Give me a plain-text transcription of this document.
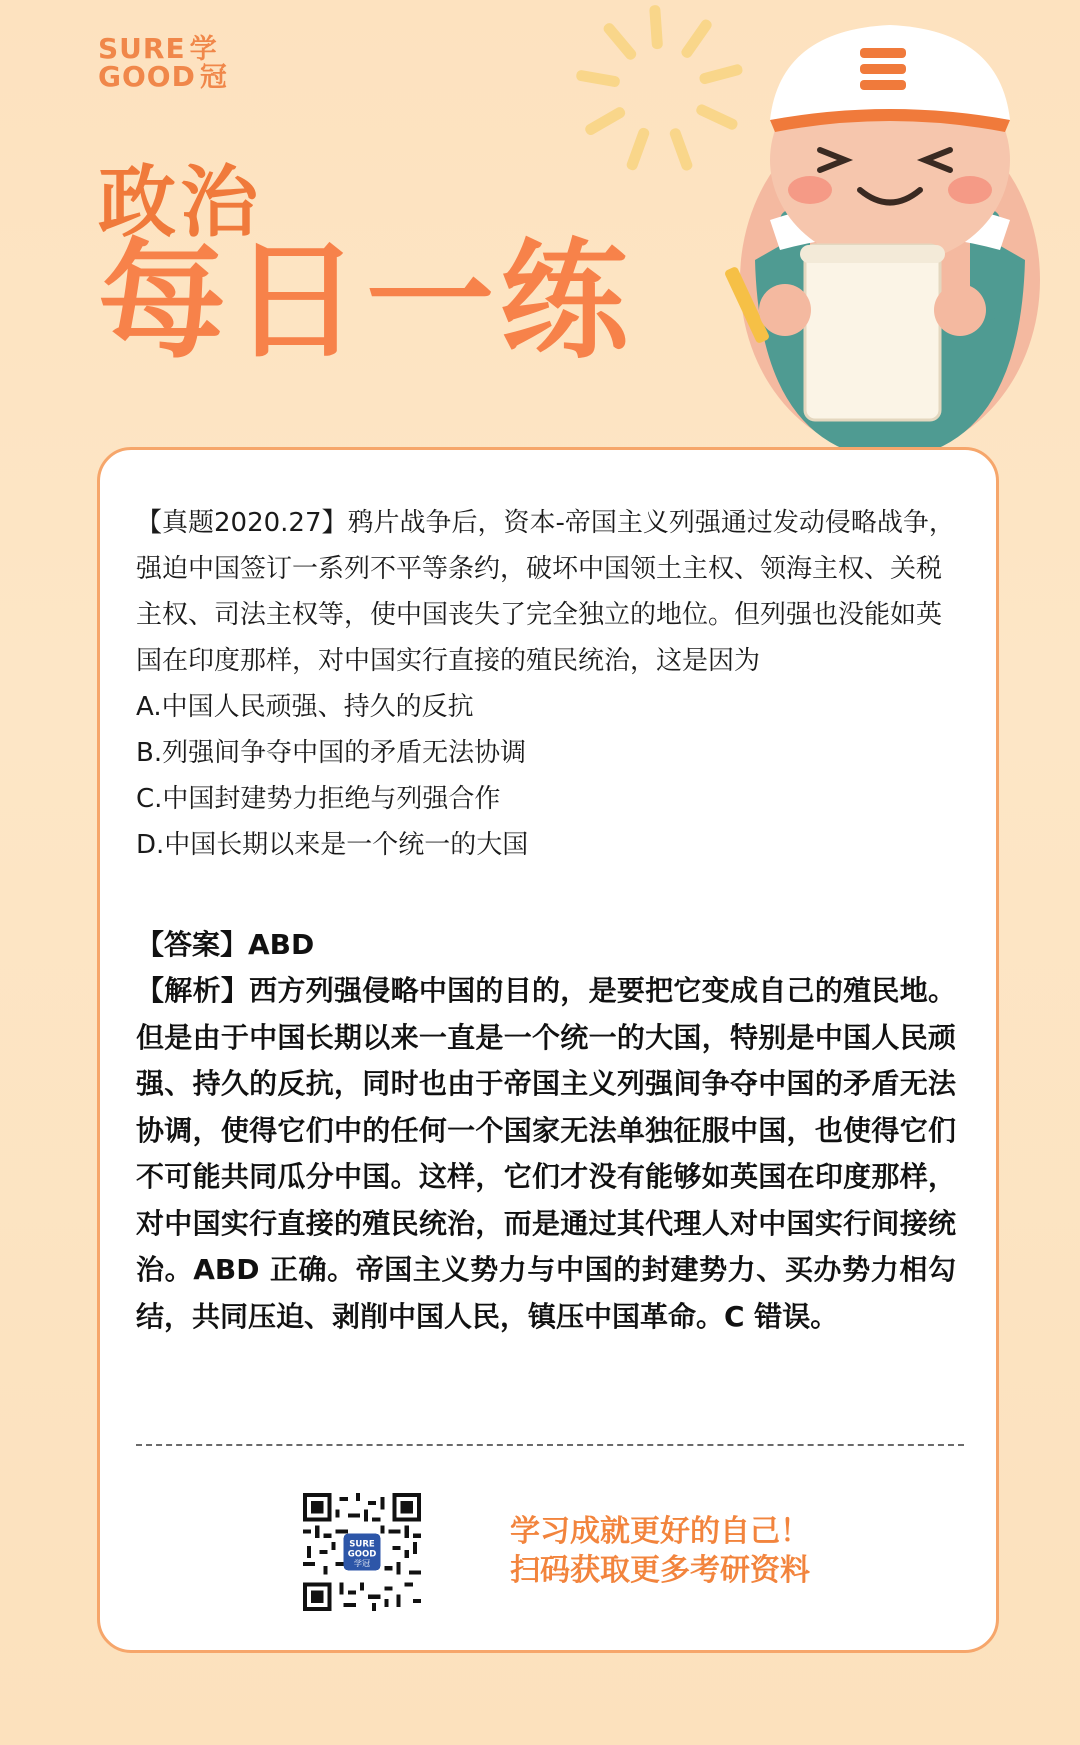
SURE 学
GOOD 冠
政治
每日一练

【真题2020.27】鸦片战争后，资本-帝国主义列强通过发动侵略战争，强迫中国签订一系列不平等条约，破坏中国领土主权、领海主权、关税主权、司法主权等，使中国丧失了完全独立的地位。但列强也没能如英国在印度那样，对中国实行直接的殖民统治，这是因为

A.中国人民顽强、持久的反抗

B.列强间争夺中国的矛盾无法协调

C.中国封建势力拒绝与列强合作

D.中国长期以来是一个统一的大国

【答案】ABD

【解析】西方列强侵略中国的目的，是要把它变成自己的殖民地。但是由于中国长期以来一直是一个统一的大国，特别是中国人民顽强、持久的反抗，同时也由于帝国主义列强间争夺中国的矛盾无法协调，使得它们中的任何一个国家无法单独征服中国，也使得它们不可能共同瓜分中国。这样，它们才没有能够如英国在印度那样，对中国实行直接的殖民统治，而是通过其代理人对中国实行间接统治。ABD 正确。帝国主义势力与中国的封建势力、买办势力相勾结，共同压迫、剥削中国人民，镇压中国革命。C 错误。
SURE
GOOD
学冠
学习成就更好的自己！
扫码获取更多考研资料
